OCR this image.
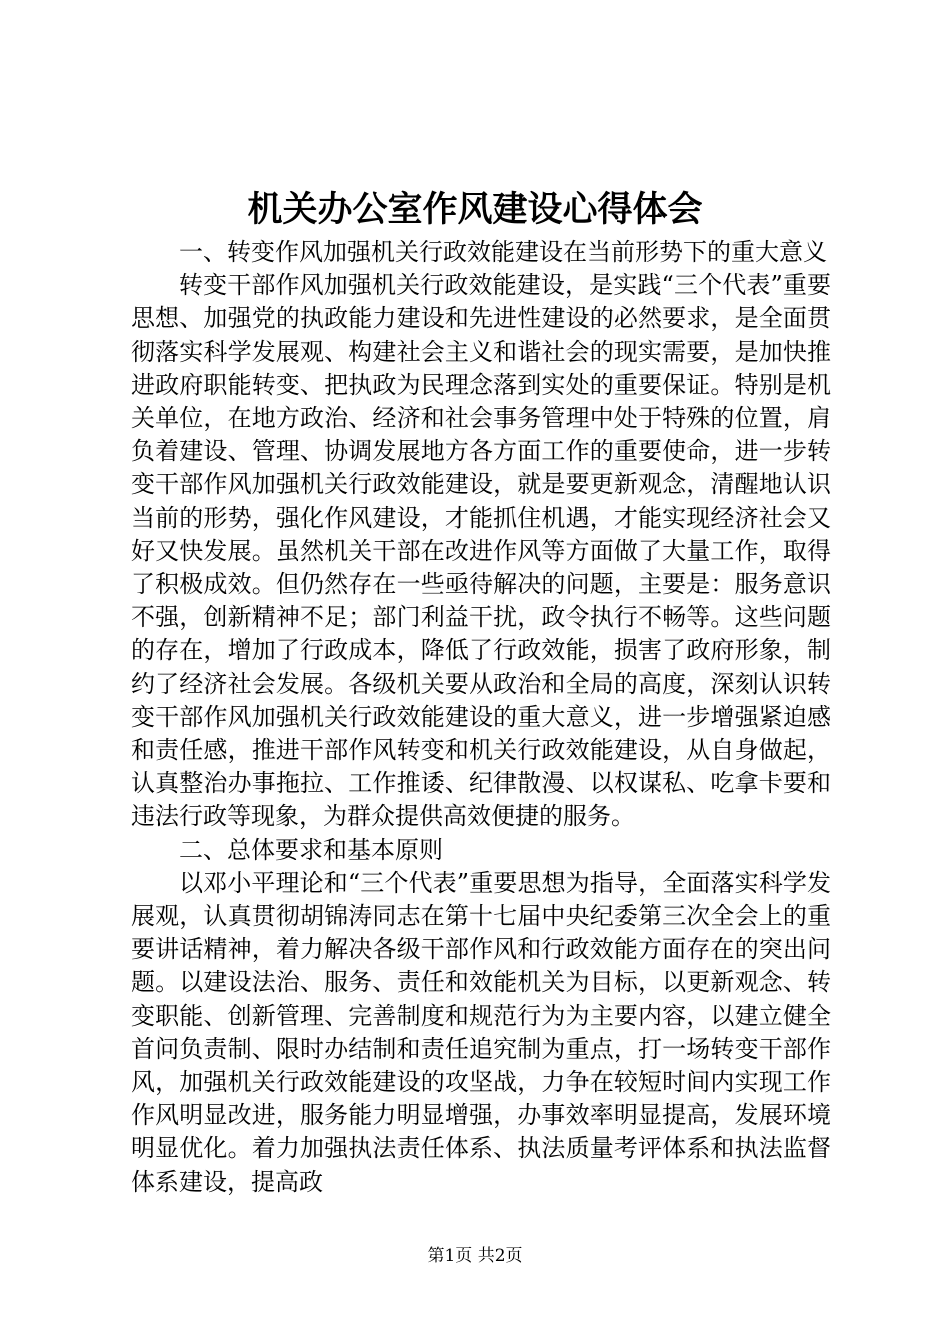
机关办公室作风建设心得体会

一、转变作风加强机关行政效能建设在当前形势下的重大意义

转变干部作风加强机关行政效能建设，是实践“三个代表”重要思想、加强党的执政能力建设和先进性建设的必然要求，是全面贯彻落实科学发展观、构建社会主义和谐社会的现实需要，是加快推进政府职能转变、把执政为民理念落到实处的重要保证。特别是机关单位，在地方政治、经济和社会事务管理中处于特殊的位置，肩负着建设、管理、协调发展地方各方面工作的重要使命，进一步转变干部作风加强机关行政效能建设，就是要更新观念，清醒地认识当前的形势，强化作风建设，才能抓住机遇，才能实现经济社会又好又快发展。虽然机关干部在改进作风等方面做了大量工作，取得了积极成效。但仍然存在一些亟待解决的问题，主要是：服务意识不强，创新精神不足；部门利益干扰，政令执行不畅等。这些问题的存在，增加了行政成本，降低了行政效能，损害了政府形象，制约了经济社会发展。各级机关要从政治和全局的高度，深刻认识转变干部作风加强机关行政效能建设的重大意义，进一步增强紧迫感和责任感，推进干部作风转变和机关行政效能建设，从自身做起，认真整治办事拖拉、工作推诿、纪律散漫、以权谋私、吃拿卡要和违法行政等现象，为群众提供高效便捷的服务。

二、总体要求和基本原则

以邓小平理论和“三个代表”重要思想为指导，全面落实科学发展观，认真贯彻胡锦涛同志在第十七届中央纪委第三次全会上的重要讲话精神，着力解决各级干部作风和行政效能方面存在的突出问题。以建设法治、服务、责任和效能机关为目标，以更新观念、转变职能、创新管理、完善制度和规范行为为主要内容，以建立健全首问负责制、限时办结制和责任追究制为重点，打一场转变干部作风，加强机关行政效能建设的攻坚战，力争在较短时间内实现工作作风明显改进，服务能力明显增强，办事效率明显提高，发展环境明显优化。着力加强执法责任体系、执法质量考评体系和执法监督体系建设，提高政

第1页 共2页
